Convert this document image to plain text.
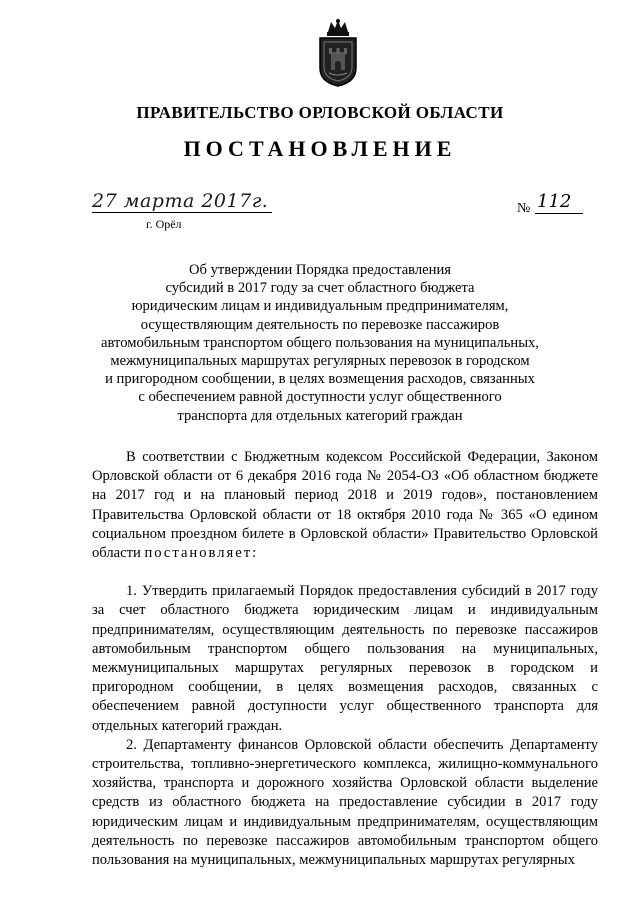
ПРАВИТЕЛЬСТВО ОРЛОВСКОЙ ОБЛАСТИ
ПОСТАНОВЛЕНИЕ
27 марта 2017г.
г. Орёл
№ 112
Об утверждении Порядка предоставления
субсидий в 2017 году за счет областного бюджета
юридическим лицам и индивидуальным предпринимателям,
осуществляющим деятельность по перевозке пассажиров
автомобильным транспортом общего пользования на муниципальных,
межмуниципальных маршрутах регулярных перевозок в городском
и пригородном сообщении, в целях возмещения расходов, связанных
с обеспечением равной доступности услуг общественного
транспорта для отдельных категорий граждан

В соответствии с Бюджетным кодексом Российской Федерации, Законом Орловской области от 6 декабря 2016 года № 2054-ОЗ «Об областном бюджете на 2017 год и на плановый период 2018 и 2019 годов», постановлением Правительства Орловской области от 18 октября 2010 года № 365 «О едином социальном проездном билете в Орловской области» Правительство Орловской области постановляет:

1. Утвердить прилагаемый Порядок предоставления субсидий в 2017 году за счет областного бюджета юридическим лицам и индивидуальным предпринимателям, осуществляющим деятельность по перевозке пассажиров автомобильным транспортом общего пользования на муниципальных, межмуниципальных маршрутах регулярных перевозок в городском и пригородном сообщении, в целях возмещения расходов, связанных с обеспечением равной доступности услуг общественного транспорта для отдельных категорий граждан.

2. Департаменту финансов Орловской области обеспечить Департаменту строительства, топливно-энергетического комплекса, жилищно-коммунального хозяйства, транспорта и дорожного хозяйства Орловской области выделение средств из областного бюджета на предоставление субсидии в 2017 году юридическим лицам и индивидуальным предпринимателям, осуществляющим деятельность по перевозке пассажиров автомобильным транспортом общего пользования на муниципальных, межмуниципальных маршрутах регулярных
